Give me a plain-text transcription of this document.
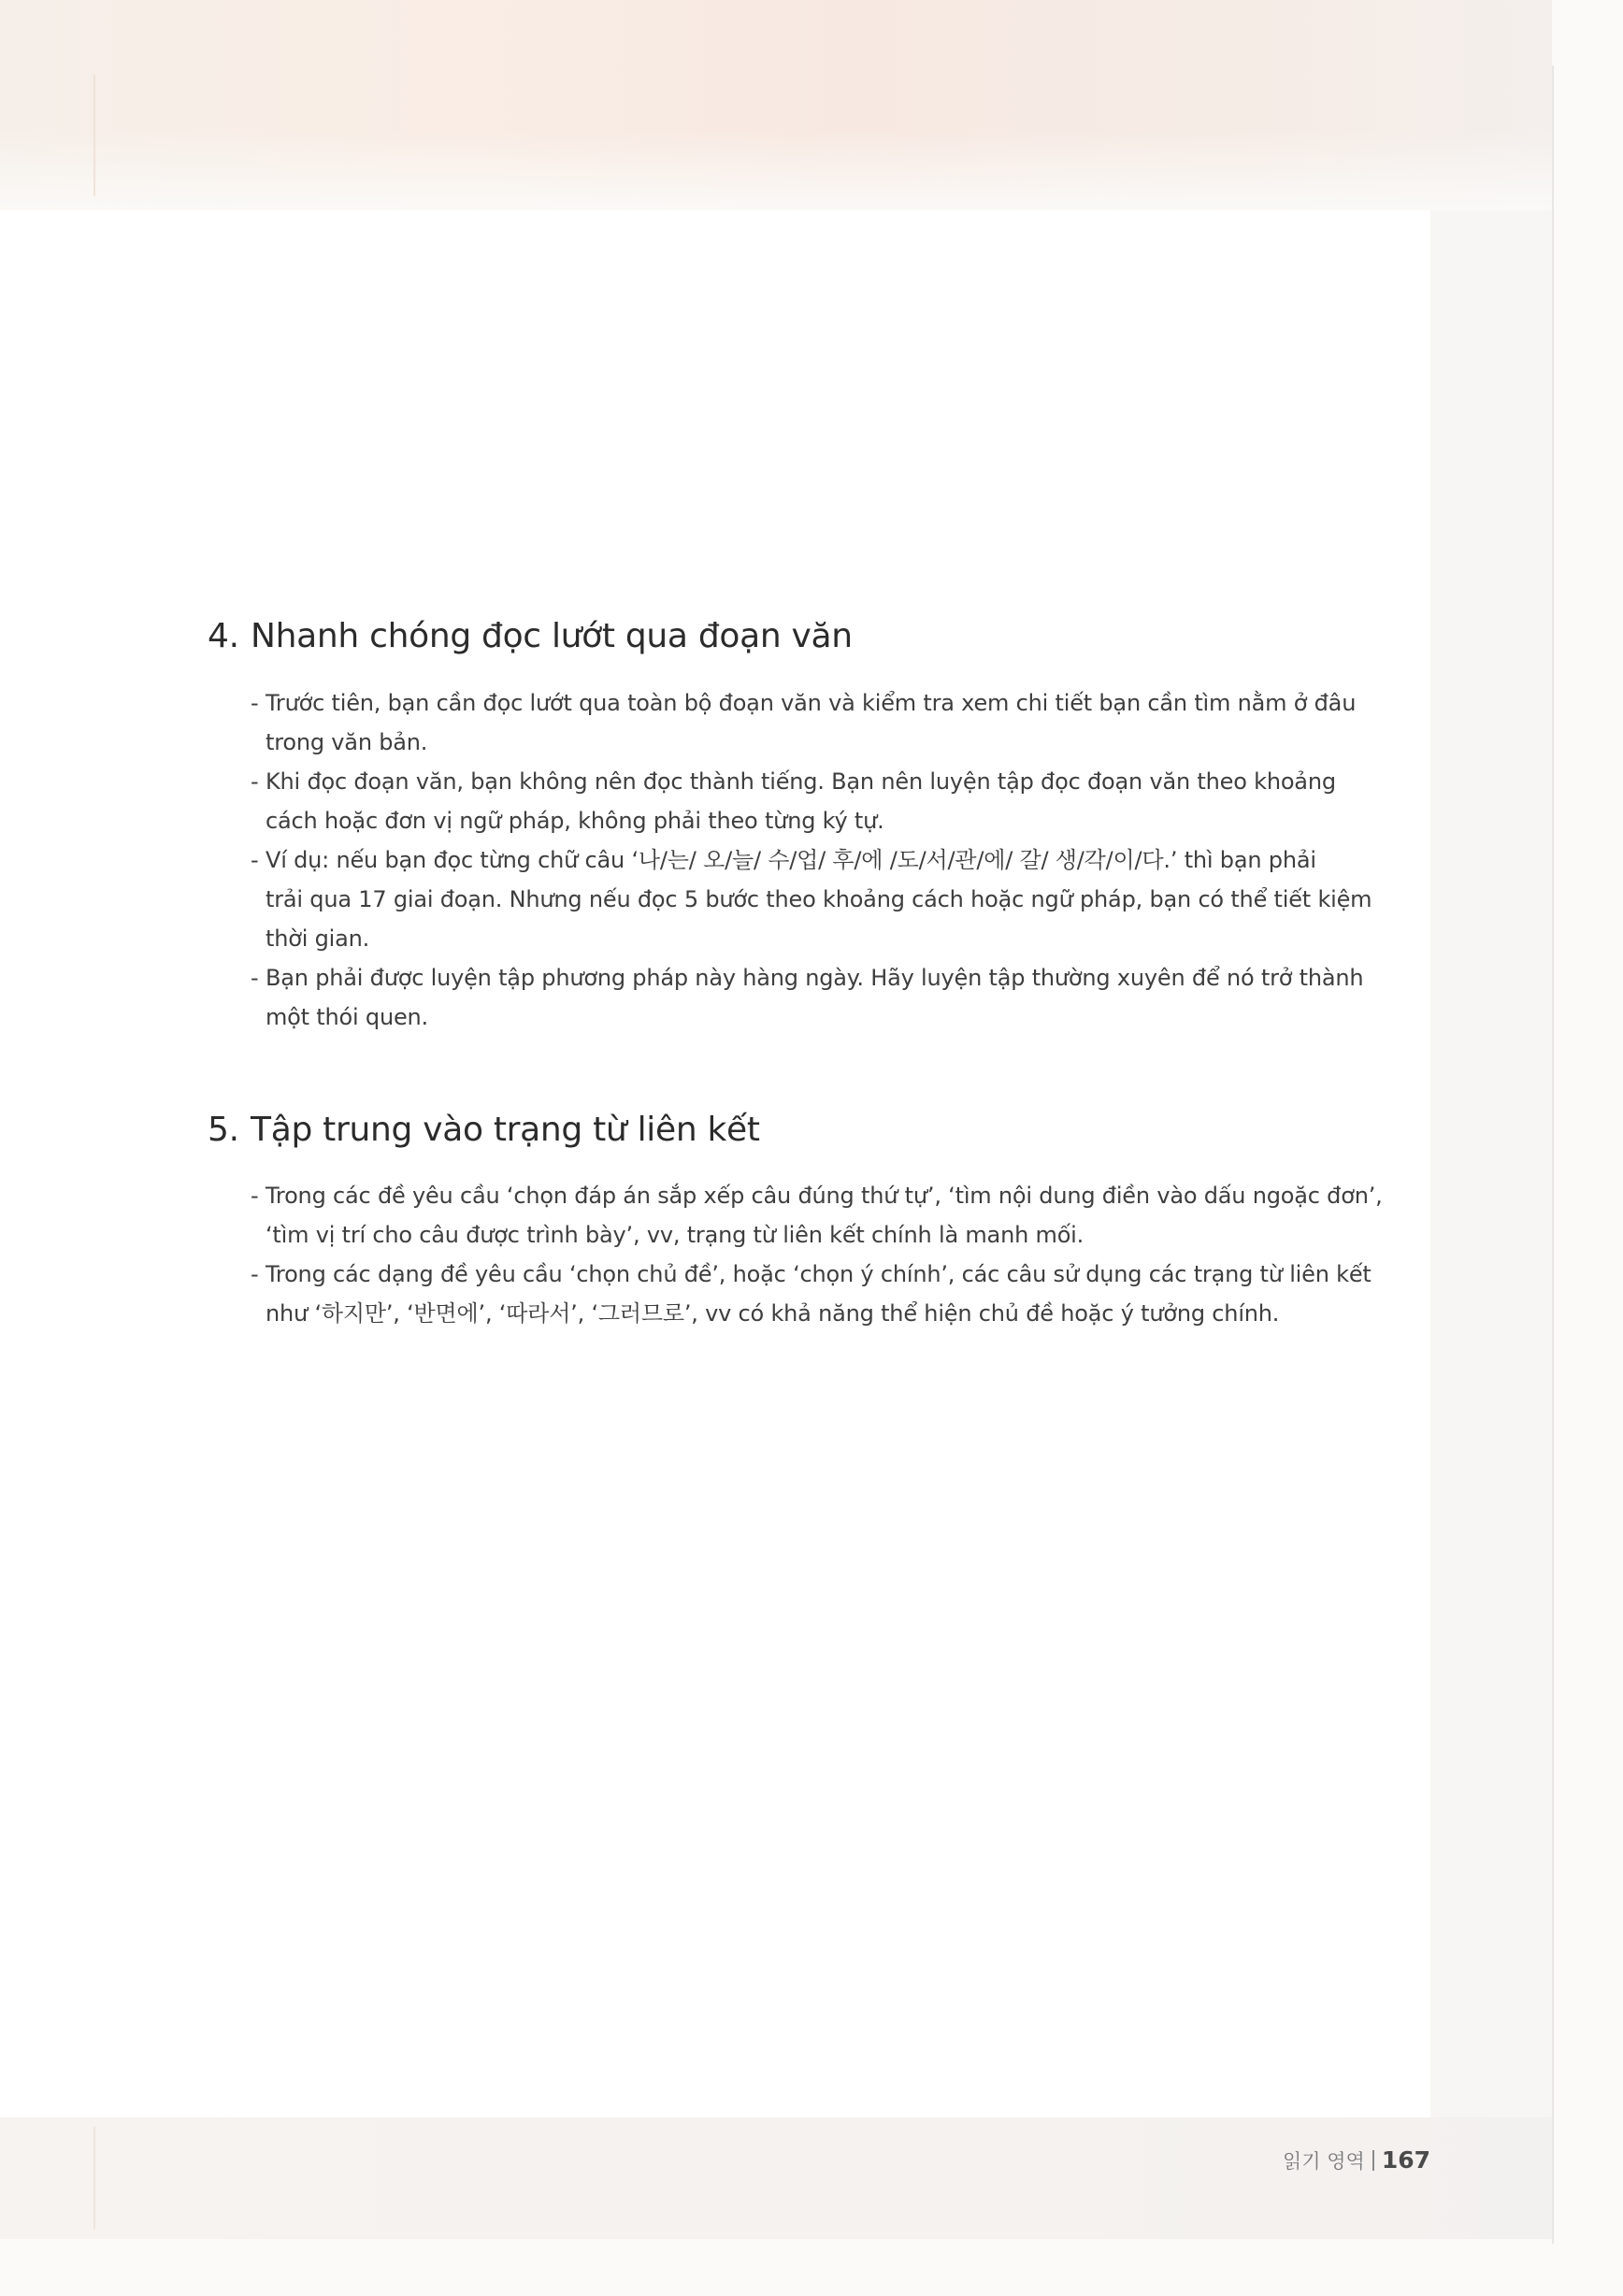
4. Nhanh chóng đọc lướt qua đoạn văn
- Trước tiên, bạn cần đọc lướt qua toàn bộ đoạn văn và kiểm tra xem chi tiết bạn cần tìm nằm ở đâu
trong văn bản.
- Khi đọc đoạn văn, bạn không nên đọc thành tiếng. Bạn nên luyện tập đọc đoạn văn theo khoảng
cách hoặc đơn vị ngữ pháp, không phải theo từng ký tự.
- Ví dụ: nếu bạn đọc từng chữ câu ‘나/는/ 오/늘/ 수/업/ 후/에 /도/서/관/에/ 갈/ 생/각/이/다.’ thì bạn phải
trải qua 17 giai đoạn. Nhưng nếu đọc 5 bước theo khoảng cách hoặc ngữ pháp, bạn có thể tiết kiệm
thời gian.
- Bạn phải được luyện tập phương pháp này hàng ngày. Hãy luyện tập thường xuyên để nó trở thành
một thói quen.
5. Tập trung vào trạng từ liên kết
- Trong các đề yêu cầu ‘chọn đáp án sắp xếp câu đúng thứ tự’, ‘tìm nội dung điền vào dấu ngoặc đơn’,
‘tìm vị trí cho câu được trình bày’, vv, trạng từ liên kết chính là manh mối.
- Trong các dạng đề yêu cầu ‘chọn chủ đề’, hoặc ‘chọn ý chính’, các câu sử dụng các trạng từ liên kết
như ‘하지만’, ‘반면에’, ‘따라서’, ‘그러므로’, vv có khả năng thể hiện chủ đề hoặc ý tưởng chính.
읽기 영역 167
